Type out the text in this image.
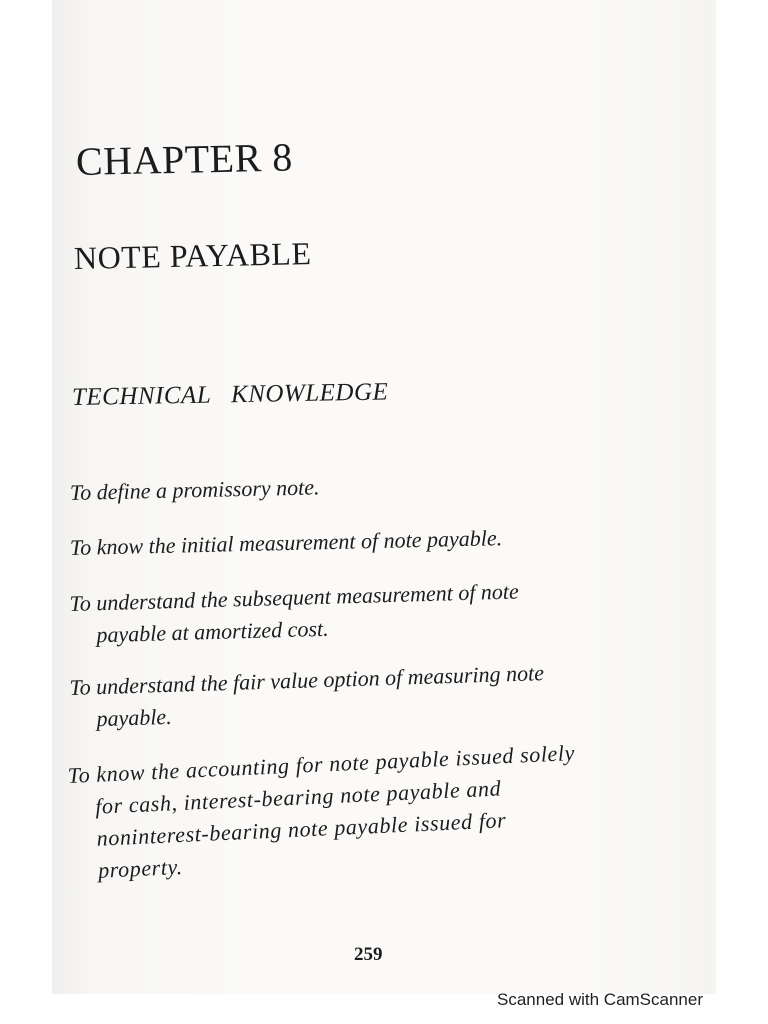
CHAPTER 8
NOTE PAYABLE
TECHNICAL   KNOWLEDGE
To define a promissory note.
To know the initial measurement of note payable.
To understand the subsequent measurement of note
payable at amortized cost.
To understand the fair value option of measuring note
payable.
To know the accounting for note payable issued solely
for cash, interest-bearing note payable and
noninterest-bearing note payable issued for
property.
259
Scanned with CamScanner
